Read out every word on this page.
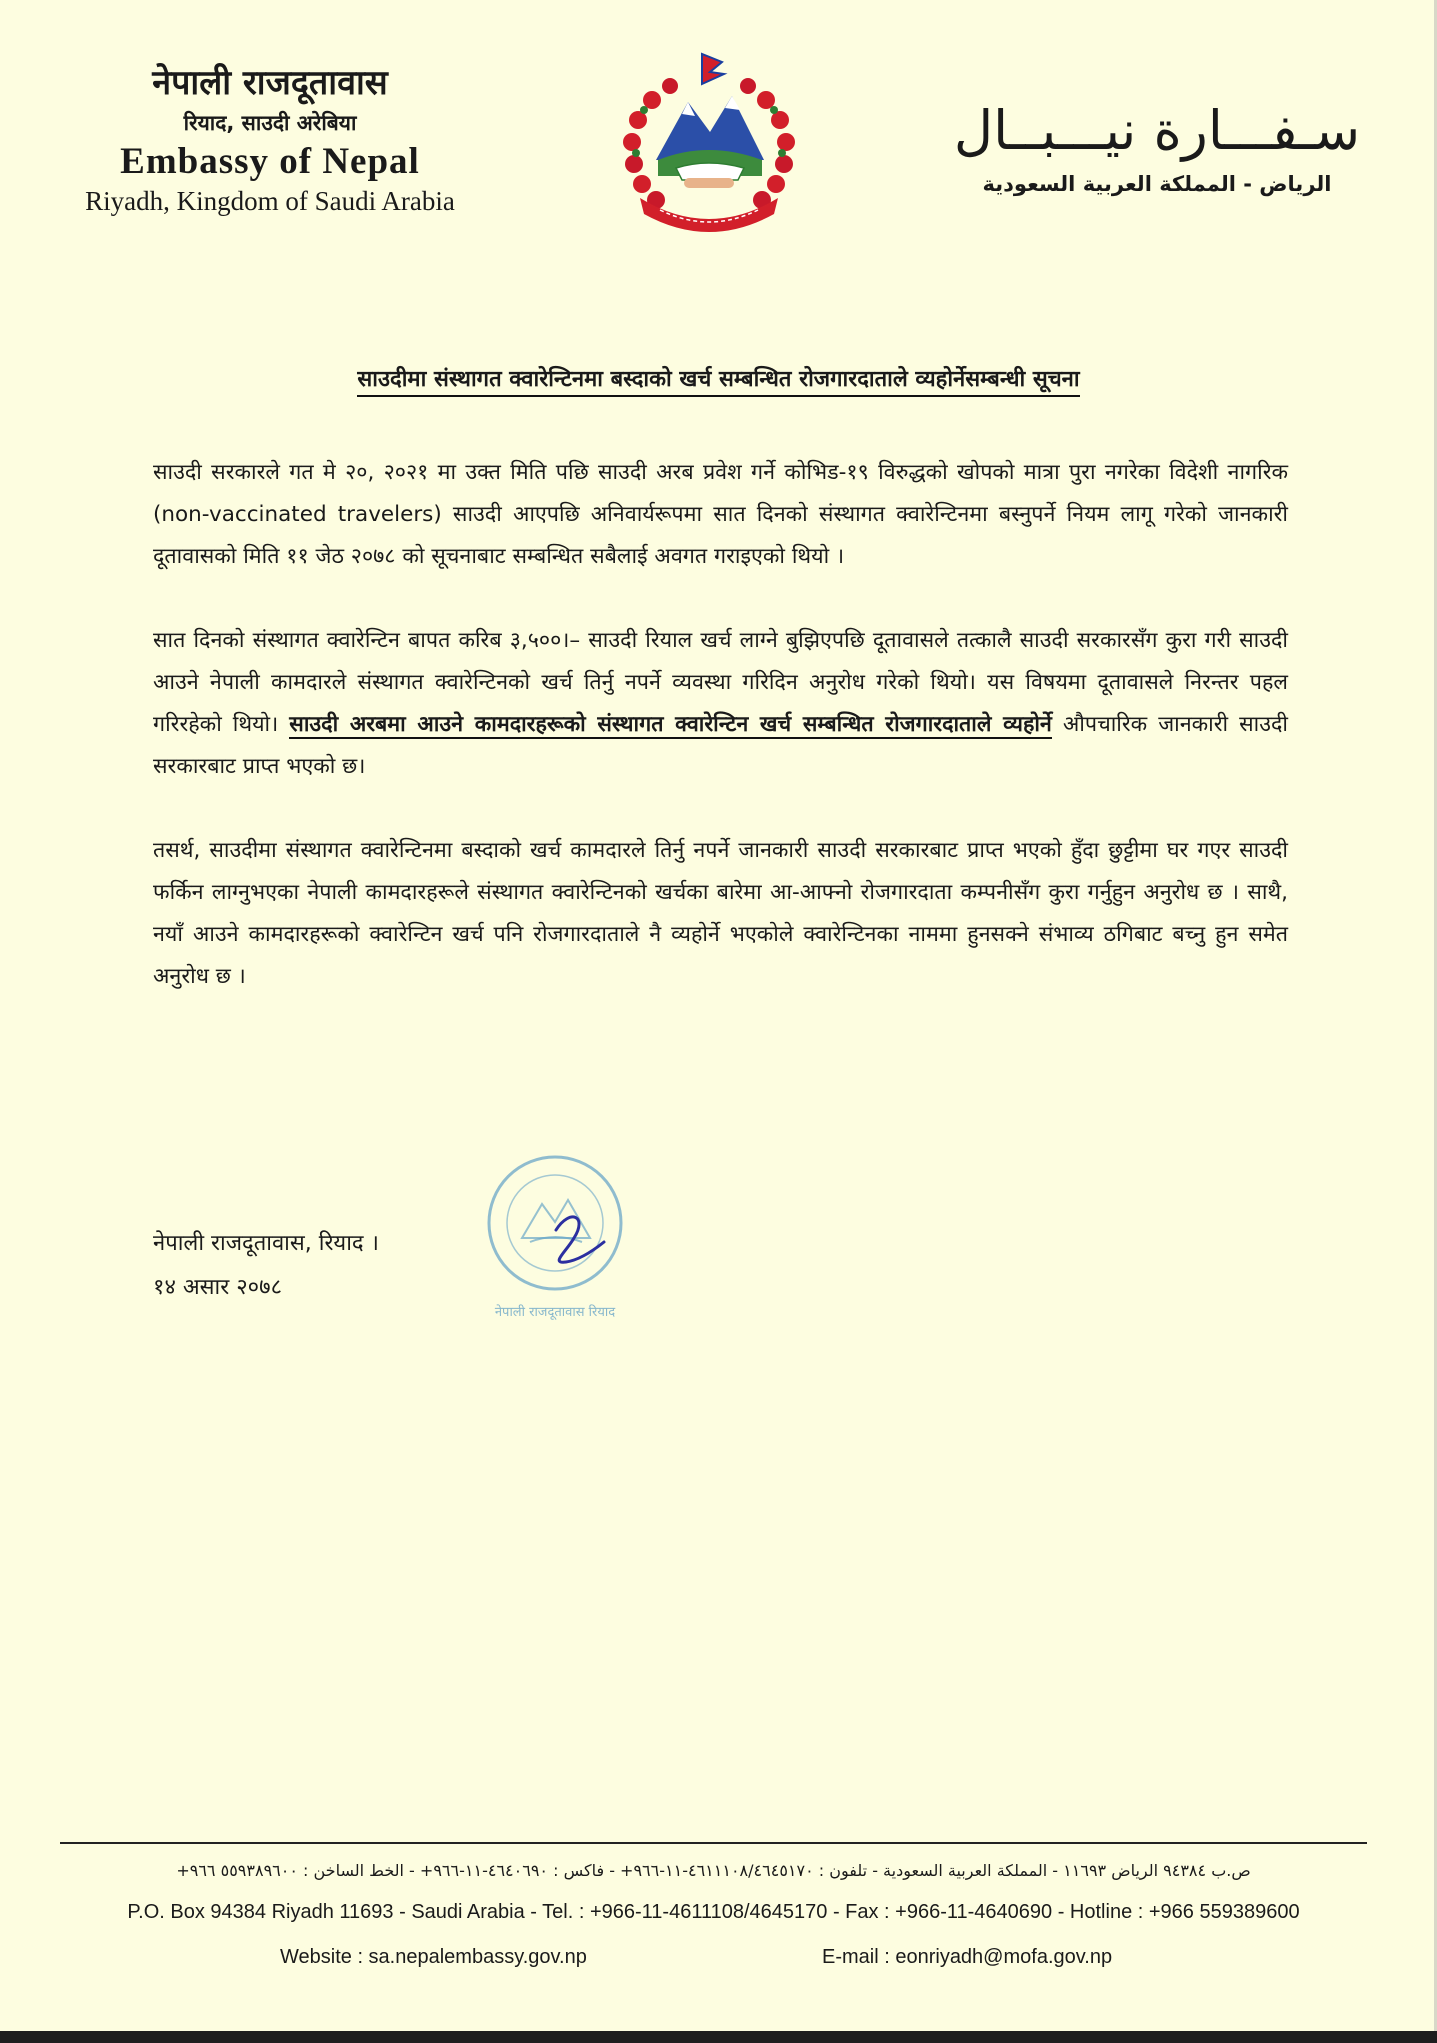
नेपाली राजदूतावास
रियाद, साउदी अरेबिया
Embassy of Nepal
Riyadh, Kingdom of Saudi Arabia
سـفـــارة نيـــبــال
الرياض - المملكة العربية السعودية
साउदीमा संस्थागत क्वारेन्टिनमा बस्दाको खर्च सम्बन्धित रोजगारदाताले व्यहोर्नेसम्बन्धी सूचना

साउदी सरकारले गत मे २०, २०२१ मा उक्त मिति पछि साउदी अरब प्रवेश गर्ने कोभिड-१९ विरुद्धको खोपको मात्रा पुरा नगरेका विदेशी नागरिक (non-vaccinated travelers) साउदी आएपछि अनिवार्यरूपमा सात दिनको संस्थागत क्वारेन्टिनमा बस्नुपर्ने नियम लागू गरेको जानकारी दूतावासको मिति ११ जेठ २०७८ को सूचनाबाट सम्बन्धित सबैलाई अवगत गराइएको थियो ।

सात दिनको संस्थागत क्वारेन्टिन बापत करिब ३,५००।– साउदी रियाल खर्च लाग्ने बुझिएपछि दूतावासले तत्कालै साउदी सरकारसँग कुरा गरी साउदी आउने नेपाली कामदारले संस्थागत क्वारेन्टिनको खर्च तिर्नु नपर्ने व्यवस्था गरिदिन अनुरोध गरेको थियो। यस विषयमा दूतावासले निरन्तर पहल गरिरहेको थियो। साउदी अरबमा आउने कामदारहरूको संस्थागत क्वारेन्टिन खर्च सम्बन्धित रोजगारदाताले व्यहोर्ने औपचारिक जानकारी साउदी सरकारबाट प्राप्त भएको छ।

तसर्थ, साउदीमा संस्थागत क्वारेन्टिनमा बस्दाको खर्च कामदारले तिर्नु नपर्ने जानकारी साउदी सरकारबाट प्राप्त भएको हुँदा छुट्टीमा घर गएर साउदी फर्किन लाग्नुभएका नेपाली कामदारहरूले संस्थागत क्वारेन्टिनको खर्चका बारेमा आ-आफ्नो रोजगारदाता कम्पनीसँग कुरा गर्नुहुन अनुरोध छ । साथै, नयाँ आउने कामदारहरूको क्वारेन्टिन खर्च पनि रोजगारदाताले नै व्यहोर्ने भएकोले क्वारेन्टिनका नाममा हुनसक्ने संभाव्य ठगिबाट बच्नु हुन समेत अनुरोध छ ।

नेपाली राजदूतावास रियाद
नेपाली राजदूतावास, रियाद ।
१४ असार २०७८
ص.ب ٩٤٣٨٤ الرياض ١١٦٩٣ - المملكة العربية السعودية - تلفون : ٤٦١١١٠٨/٤٦٤٥١٧٠-١١-٩٦٦+ - فاكس : ٤٦٤٠٦٩٠-١١-٩٦٦+ - الخط الساخن : ٥٥٩٣٨٩٦٠٠ ٩٦٦+
P.O. Box 94384 Riyadh 11693 - Saudi Arabia - Tel. : +966-11-4611108/4645170 - Fax : +966-11-4640690 - Hotline : +966 559389600
Website : sa.nepalembassy.gov.np	E-mail : eonriyadh@mofa.gov.np
